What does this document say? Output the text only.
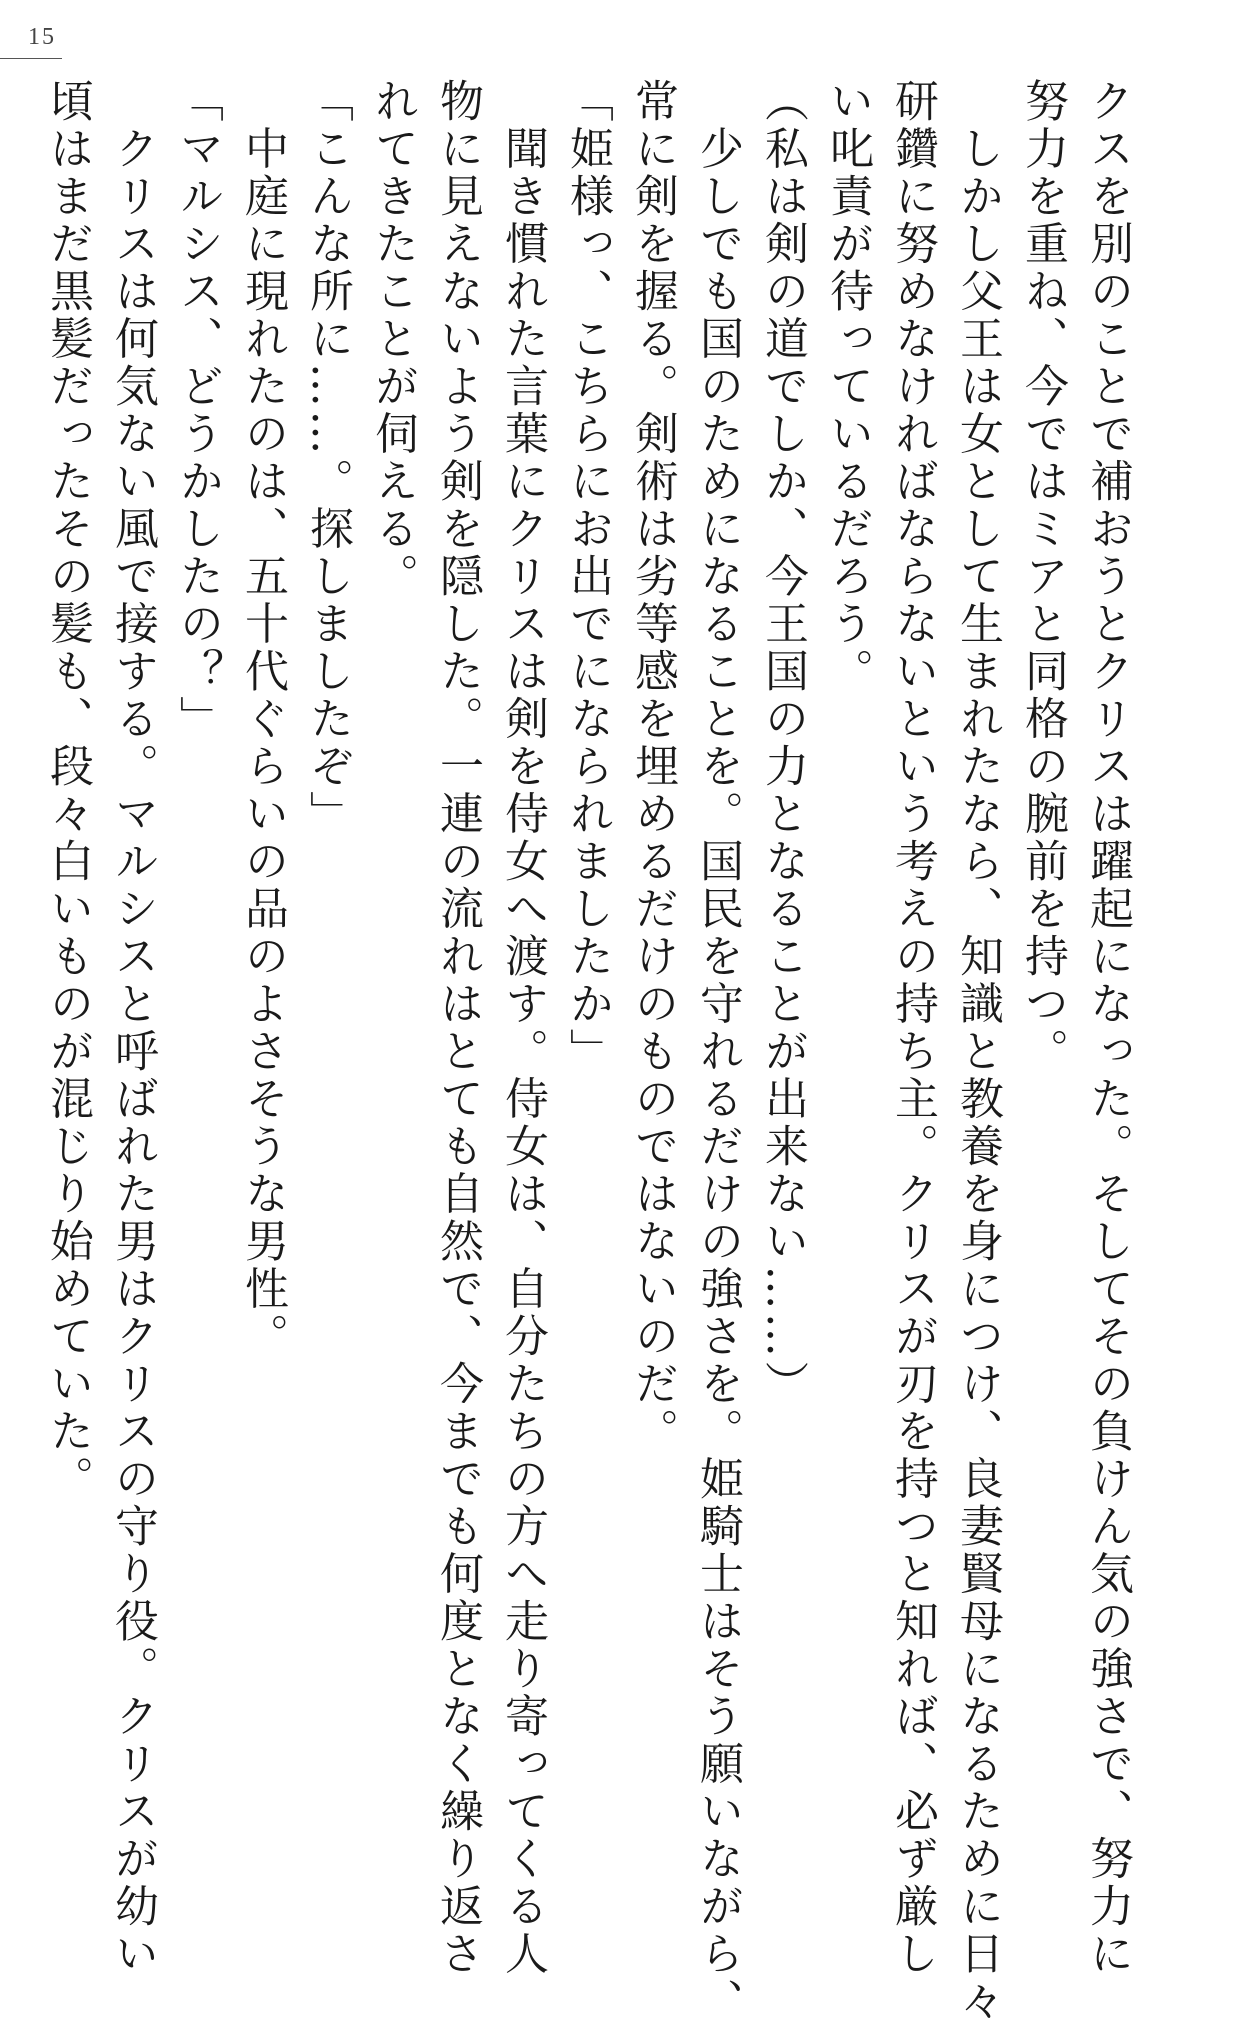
15
クスを別のことで補おうとクリスは躍起になった。そしてその負けん気の強さで、努力に
努力を重ね、今ではミアと同格の腕前を持つ。
　しかし父王は女として生まれたなら、知識と教養を身につけ、良妻賢母になるために日々
研鑽に努めなければならないという考えの持ち主。クリスが刃を持つと知れば、必ず厳し
い叱責が待っているだろう。
（私は剣の道でしか、今王国の力となることが出来ない……）
　少しでも国のためになることを。国民を守れるだけの強さを。姫騎士はそう願いながら、
常に剣を握る。剣術は劣等感を埋めるだけのものではないのだ。
「姫様っ、こちらにお出でになられましたか」
　聞き慣れた言葉にクリスは剣を侍女へ渡す。侍女は、自分たちの方へ走り寄ってくる人
物に見えないよう剣を隠した。一連の流れはとても自然で、今までも何度となく繰り返さ
れてきたことが伺える。
「こんな所に……。探しましたぞ」
　中庭に現れたのは、五十代ぐらいの品のよさそうな男性。
「マルシス、どうかしたの？」
　クリスは何気ない風で接する。マルシスと呼ばれた男はクリスの守り役。クリスが幼い
頃はまだ黒髪だったその髪も、段々白いものが混じり始めていた。
